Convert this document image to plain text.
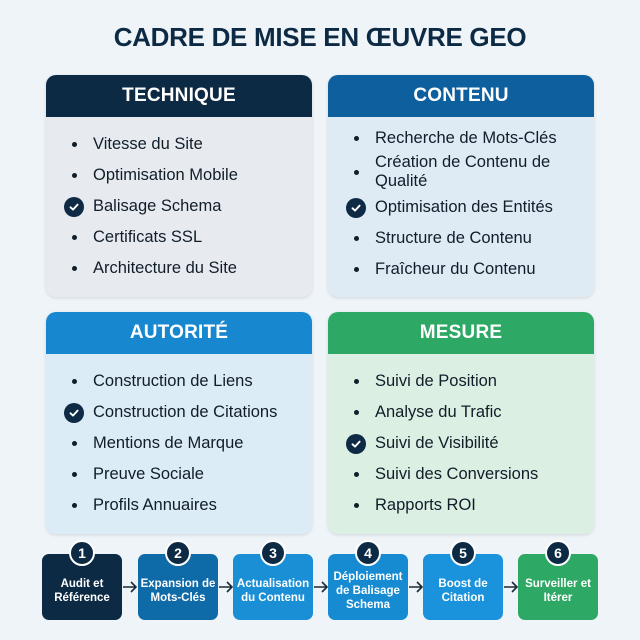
CADRE DE MISE EN ŒUVRE GEO
TECHNIQUE
Vitesse du Site
Optimisation Mobile
Balisage Schema
Certificats SSL
Architecture du Site
CONTENU
Recherche de Mots-Clés
Création de Contenu de Qualité
Optimisation des Entités
Structure de Contenu
Fraîcheur du Contenu
AUTORITÉ
Construction de Liens
Construction de Citations
Mentions de Marque
Preuve Sociale
Profils Annuaires
MESURE
Suivi de Position
Analyse du Trafic
Suivi de Visibilité
Suivi des Conversions
Rapports ROI
1
Audit et Référence
2
Expansion de Mots-Clés
3
Actualisation du Contenu
4
Déploiement de Balisage Schema
5
Boost de Citation
6
Surveiller et Itérer
